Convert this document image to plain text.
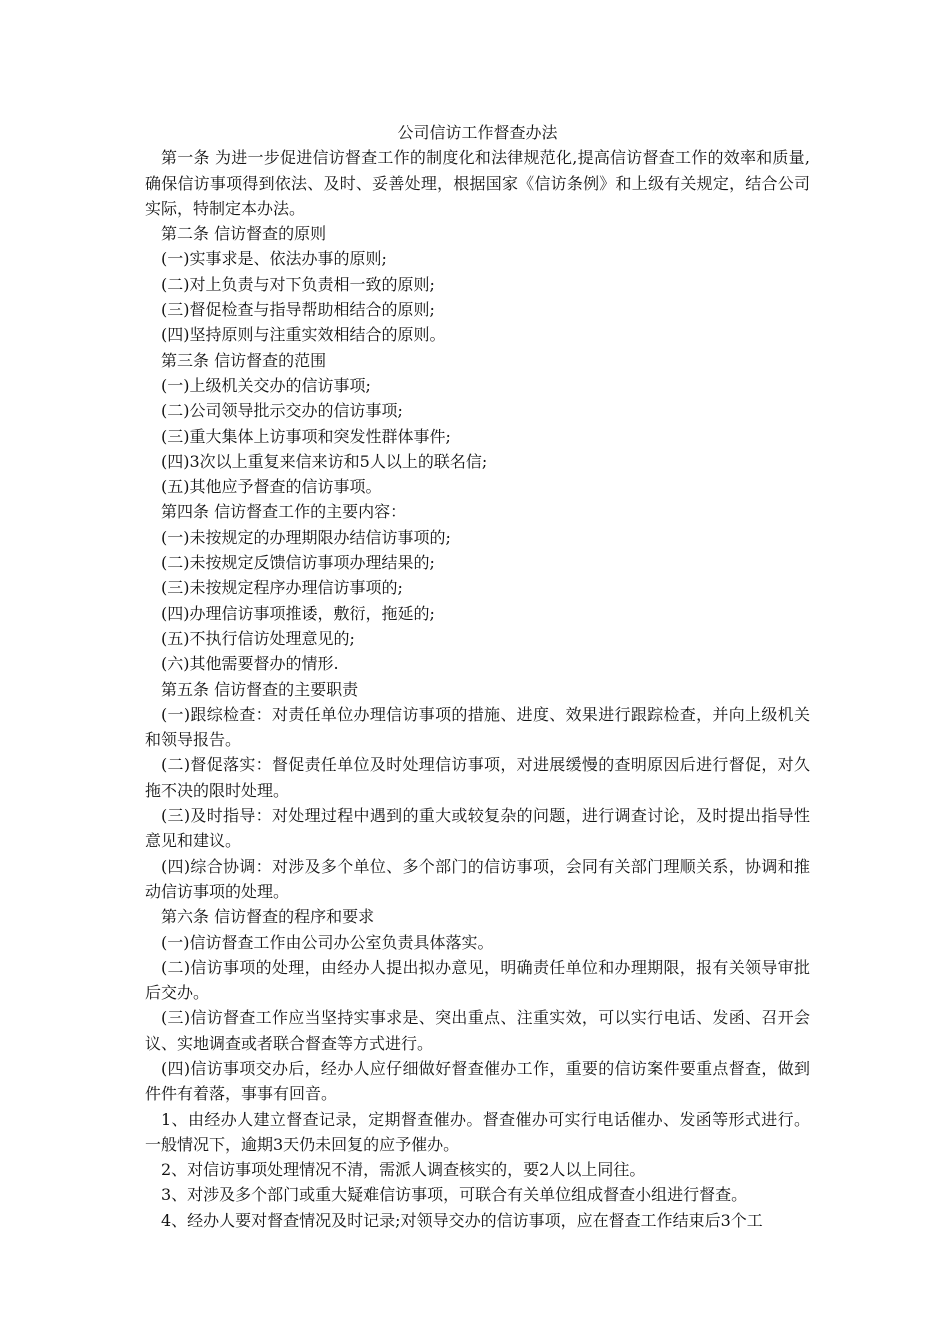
公司信访工作督查办法

第一条 为进一步促进信访督查工作的制度化和法律规范化,提高信访督查工作的效率和质量,确保信访事项得到依法、及时、妥善处理，根据国家《信访条例》和上级有关规定，结合公司实际，特制定本办法。

第二条 信访督查的原则

(一)实事求是、依法办事的原则;

(二)对上负责与对下负责相一致的原则;

(三)督促检查与指导帮助相结合的原则;

(四)坚持原则与注重实效相结合的原则。

第三条 信访督查的范围

(一)上级机关交办的信访事项;

(二)公司领导批示交办的信访事项;

(三)重大集体上访事项和突发性群体事件;

(四)3次以上重复来信来访和5人以上的联名信;

(五)其他应予督查的信访事项。

第四条 信访督查工作的主要内容：

(一)未按规定的办理期限办结信访事项的;

(二)未按规定反馈信访事项办理结果的;

(三)未按规定程序办理信访事项的;

(四)办理信访事项推诿，敷衍，拖延的;

(五)不执行信访处理意见的;

(六)其他需要督办的情形.

第五条 信访督查的主要职责

(一)跟综检查：对责任单位办理信访事项的措施、进度、效果进行跟踪检查，并向上级机关和领导报告。

(二)督促落实：督促责任单位及时处理信访事项，对进展缓慢的查明原因后进行督促，对久拖不决的限时处理。

(三)及时指导：对处理过程中遇到的重大或较复杂的问题，进行调查讨论，及时提出指导性意见和建议。

(四)综合协调：对涉及多个单位、多个部门的信访事项，会同有关部门理顺关系，协调和推动信访事项的处理。

第六条 信访督查的程序和要求

(一)信访督查工作由公司办公室负责具体落实。

(二)信访事项的处理，由经办人提出拟办意见，明确责任单位和办理期限，报有关领导审批后交办。

(三)信访督查工作应当坚持实事求是、突出重点、注重实效，可以实行电话、发函、召开会议、实地调查或者联合督查等方式进行。

(四)信访事项交办后，经办人应仔细做好督查催办工作，重要的信访案件要重点督查，做到件件有着落，事事有回音。

1、由经办人建立督查记录，定期督查催办。督查催办可实行电话催办、发函等形式进行。一般情况下，逾期3天仍未回复的应予催办。

2、对信访事项处理情况不清，需派人调查核实的，要2人以上同往。

3、对涉及多个部门或重大疑难信访事项，可联合有关单位组成督查小组进行督查。

4、经办人要对督查情况及时记录;对领导交办的信访事项，应在督查工作结束后3个工
